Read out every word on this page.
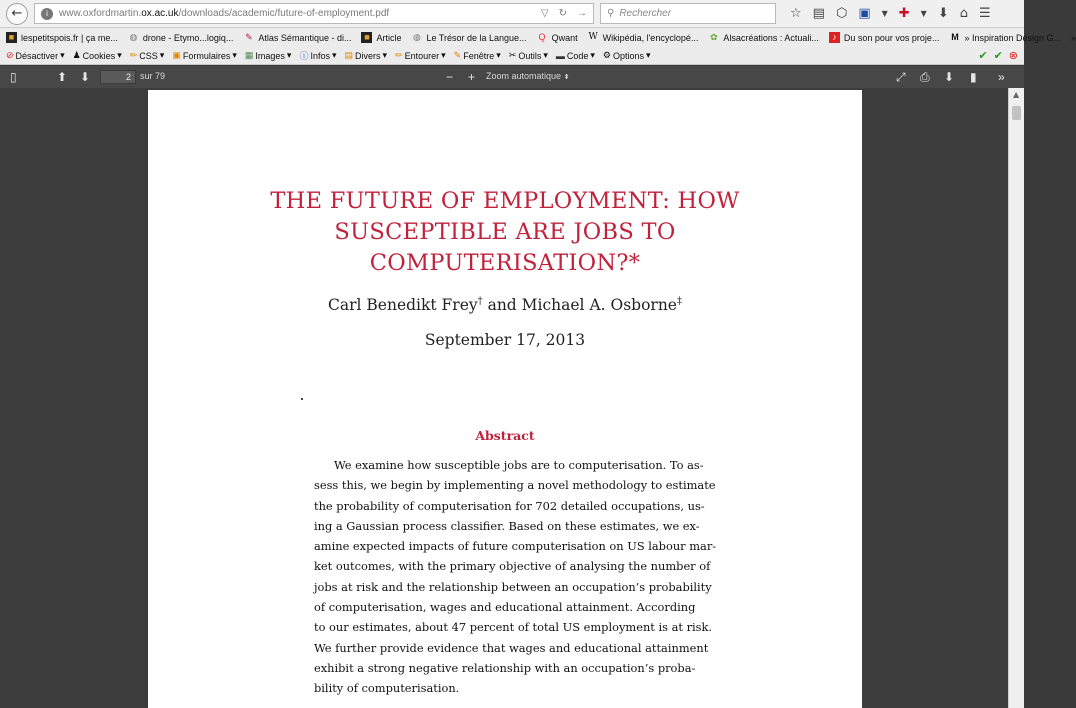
←	i	www.oxfordmartin.ox.ac.uk/downloads/academic/future-of-employment.pdf	▽ ↻ → ⚲ Rechercher	☆ ▤ ⬡ ▣ ▼ ✚ ▼ ⬇ ⌂ ☰
■ lespetitspois.fr | ça me... ◍ drone - Etymo...logiq... ✎ Atlas Sémantique - di...	■ Article ◍ Le Trésor de la Langue... Q Qwant W Wikipédia, l'encyclopé... ✿ Alsacréations : Actuali...	♪ Du son pour vos proje... M » Inspiration Design G... »
⊘ Désactiver ▾ ♟ Cookies ▾ ✏ CSS ▾ ▣ Formulaires ▾ ▦ Images ▾ ⓘ Infos ▾ ▤ Divers ▾ ✏ Entourer ▾ ✎ Fenêtre ▾ ✂ Outils ▾ ▬ Code ▾ ⚙ Options ▾	✔ ✔ ⊗
▯	⬆ ⬇	2	sur 79	− + Zoom automatique ⬍	⤢ ⎙ ⬇ ▮ »
THE FUTURE OF EMPLOYMENT: HOW
SUSCEPTIBLE ARE JOBS TO
COMPUTERISATION?*
Carl Benedikt Frey† and Michael A. Osborne‡
September 17, 2013
Abstract
We examine how susceptible jobs are to computerisation. To as-
sess this, we begin by implementing a novel methodology to estimate
the probability of computerisation for 702 detailed occupations, us-
ing a Gaussian process classifier. Based on these estimates, we ex-
amine expected impacts of future computerisation on US labour mar-
ket outcomes, with the primary objective of analysing the number of
jobs at risk and the relationship between an occupation’s probability
of computerisation, wages and educational attainment. According
to our estimates, about 47 percent of total US employment is at risk.
We further provide evidence that wages and educational attainment
exhibit a strong negative relationship with an occupation’s proba-
bility of computerisation.
▲
